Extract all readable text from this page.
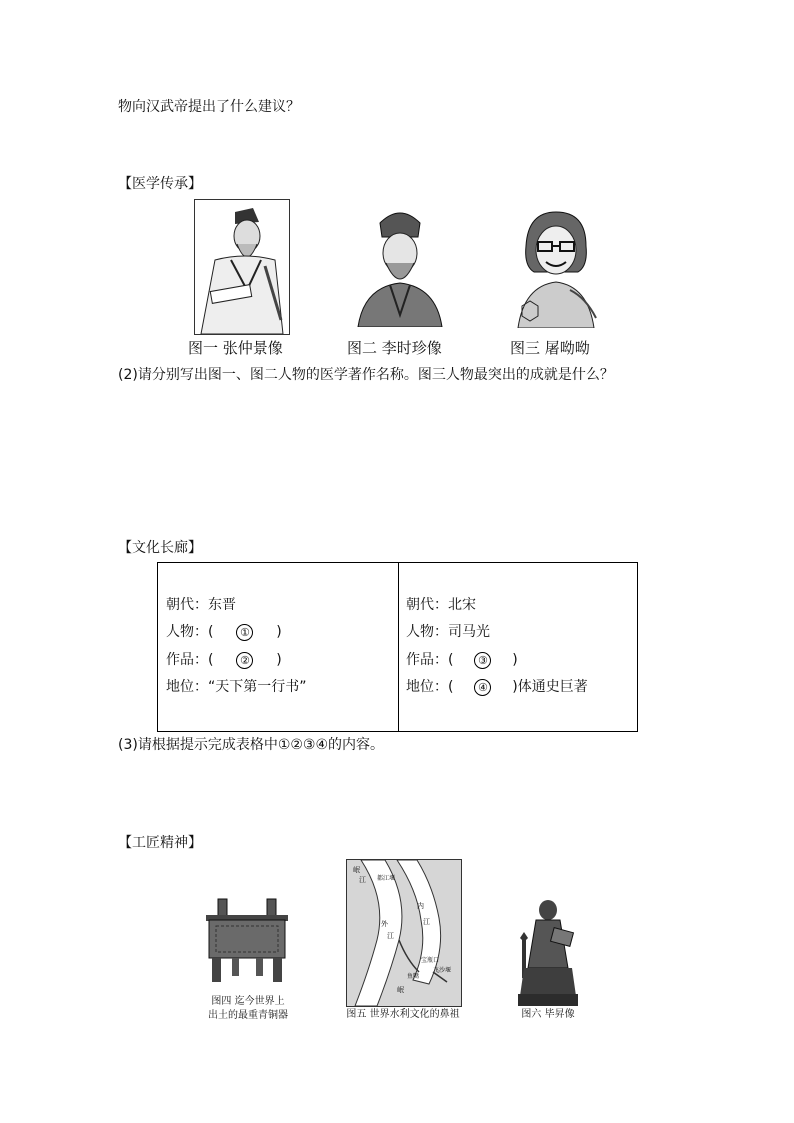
物向汉武帝提出了什么建议？
【医学传承】
图一 张仲景像	图二 李时珍像	图三 屠呦呦
(2)请分别写出图一、图二人物的医学著作名称。图三人物最突出的成就是什么？
【文化长廊】
朝代：东晋
人物：( ① )
作品：( ② )
地位：“天下第一行书”
朝代：北宋
人物：司马光
作品：( ③ )
地位：( ④ )体通史巨著
(3)请根据提示完成表格中①②③④的内容。
【工匠精神】
图四 迄今世界上
出土的最重青铜器
岷
江 都江堰
内
外	江
江
宝瓶口
飞沙堰
鱼嘴
岷
图五 世界水利文化的鼻祖	图六 毕昇像
